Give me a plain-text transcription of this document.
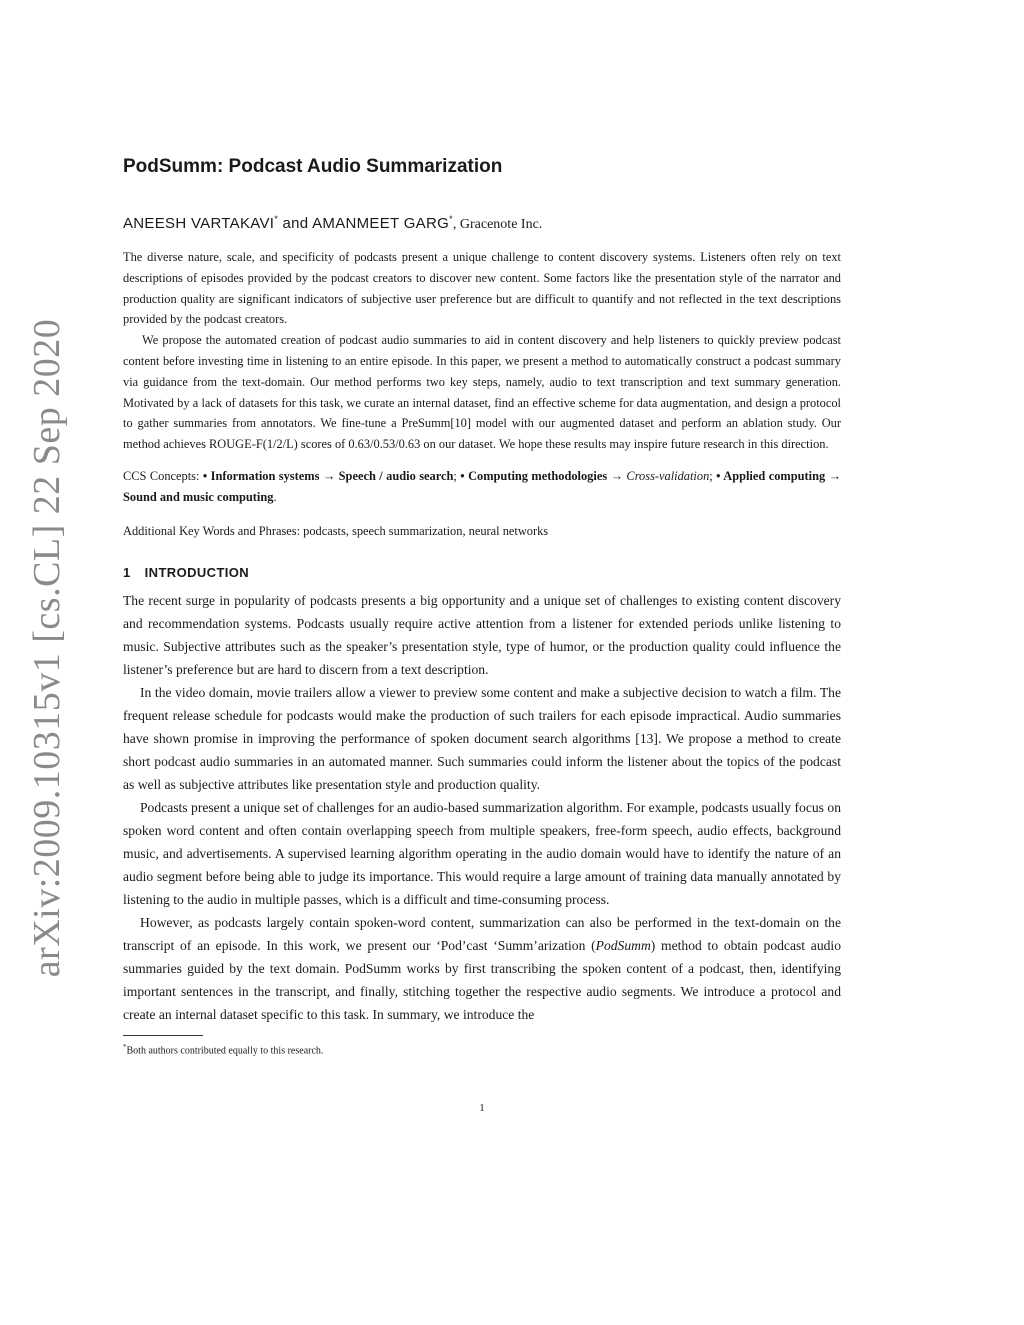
arXiv:2009.10315v1 [cs.CL] 22 Sep 2020
PodSumm: Podcast Audio Summarization
ANEESH VARTAKAVI* and AMANMEET GARG*, Gracenote Inc.

The diverse nature, scale, and specificity of podcasts present a unique challenge to content discovery systems. Listeners often rely on text descriptions of episodes provided by the podcast creators to discover new content. Some factors like the presentation style of the narrator and production quality are significant indicators of subjective user preference but are difficult to quantify and not reflected in the text descriptions provided by the podcast creators.

We propose the automated creation of podcast audio summaries to aid in content discovery and help listeners to quickly preview podcast content before investing time in listening to an entire episode. In this paper, we present a method to automatically construct a podcast summary via guidance from the text-domain. Our method performs two key steps, namely, audio to text transcription and text summary generation. Motivated by a lack of datasets for this task, we curate an internal dataset, find an effective scheme for data augmentation, and design a protocol to gather summaries from annotators. We fine-tune a PreSumm[10] model with our augmented dataset and perform an ablation study. Our method achieves ROUGE-F(1/2/L) scores of 0.63/0.53/0.63 on our dataset. We hope these results may inspire future research in this direction.

CCS Concepts: • Information systems → Speech / audio search; • Computing methodologies → Cross-validation; • Applied computing → Sound and music computing.
Additional Key Words and Phrases: podcasts, speech summarization, neural networks
1 INTRODUCTION

The recent surge in popularity of podcasts presents a big opportunity and a unique set of challenges to existing content discovery and recommendation systems. Podcasts usually require active attention from a listener for extended periods unlike listening to music. Subjective attributes such as the speaker’s presentation style, type of humor, or the production quality could influence the listener’s preference but are hard to discern from a text description.

In the video domain, movie trailers allow a viewer to preview some content and make a subjective decision to watch a film. The frequent release schedule for podcasts would make the production of such trailers for each episode impractical. Audio summaries have shown promise in improving the performance of spoken document search algorithms [13]. We propose a method to create short podcast audio summaries in an automated manner. Such summaries could inform the listener about the topics of the podcast as well as subjective attributes like presentation style and production quality.

Podcasts present a unique set of challenges for an audio-based summarization algorithm. For example, podcasts usually focus on spoken word content and often contain overlapping speech from multiple speakers, free-form speech, audio effects, background music, and advertisements. A supervised learning algorithm operating in the audio domain would have to identify the nature of an audio segment before being able to judge its importance. This would require a large amount of training data manually annotated by listening to the audio in multiple passes, which is a difficult and time-consuming process.

However, as podcasts largely contain spoken-word content, summarization can also be performed in the text-domain on the transcript of an episode. In this work, we present our ‘Pod’cast ‘Summ’arization (PodSumm) method to obtain podcast audio summaries guided by the text domain. PodSumm works by first transcribing the spoken content of a podcast, then, identifying important sentences in the transcript, and finally, stitching together the respective audio segments. We introduce a protocol and create an internal dataset specific to this task. In summary, we introduce the

*Both authors contributed equally to this research.
1
